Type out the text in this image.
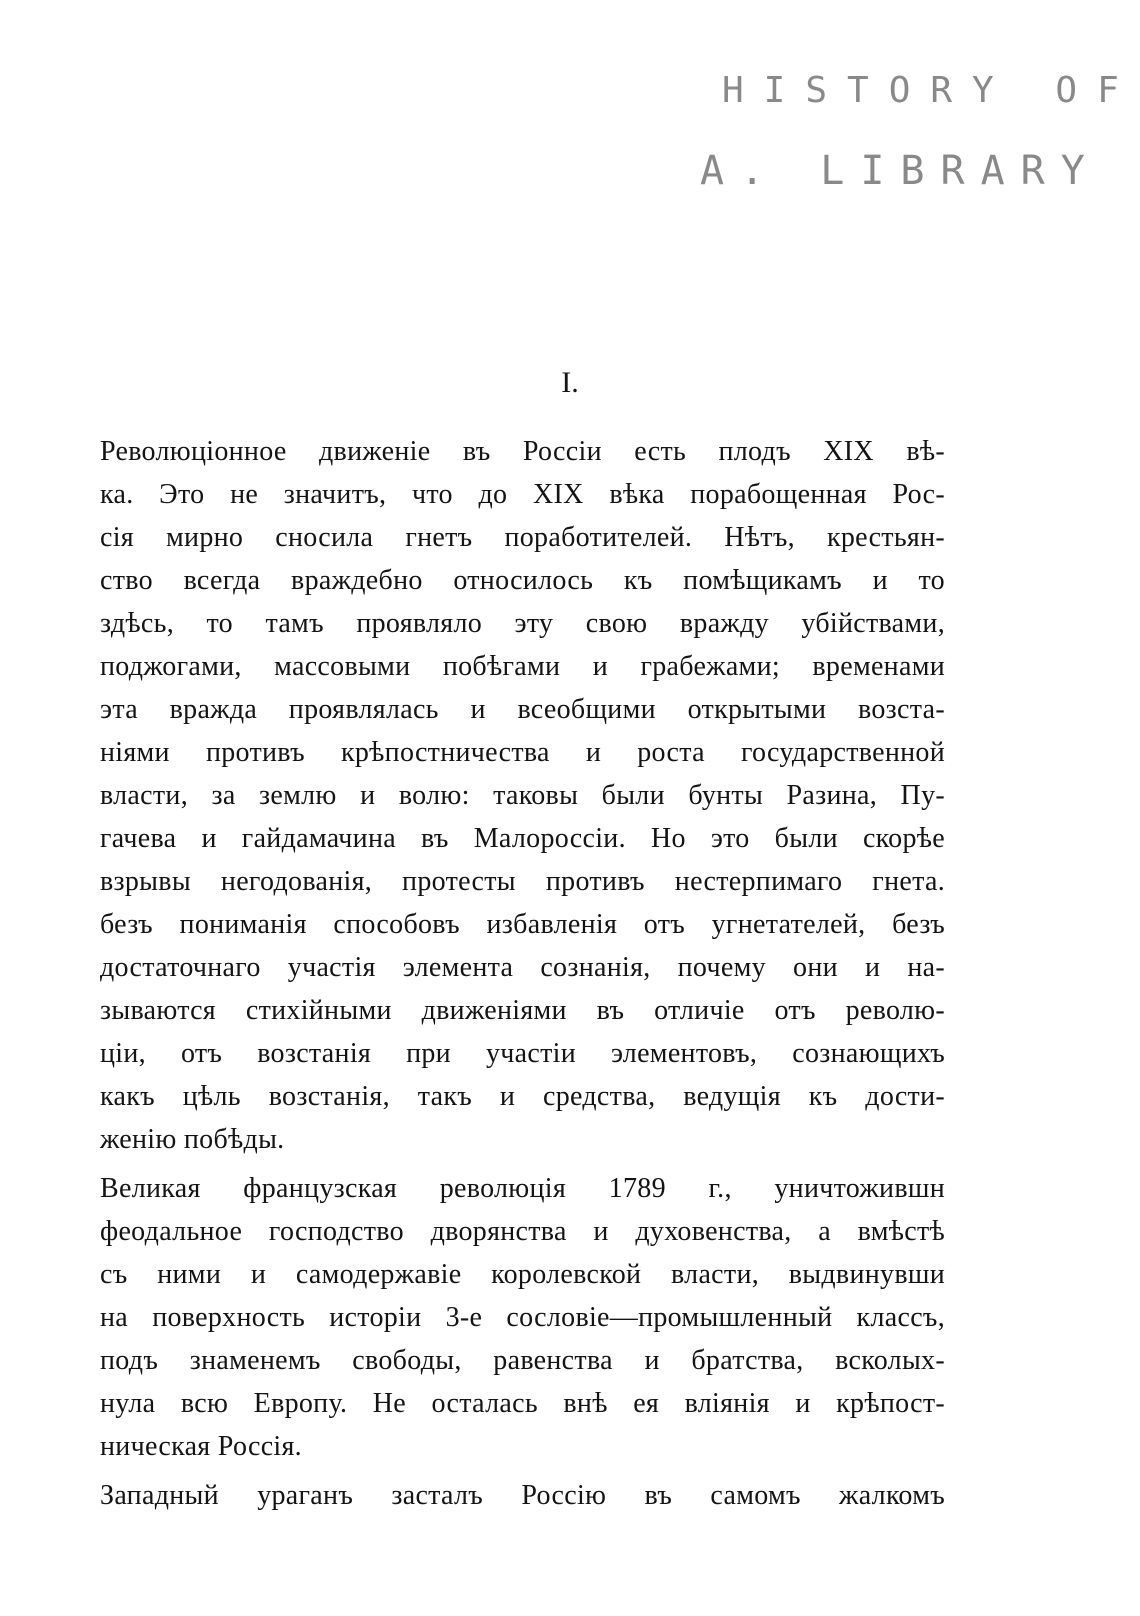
HISTORY OF
A. LIBRARY
I.
Революціонное движеніе въ Россіи есть плодъ XIX вѣ-
ка. Это не значитъ, что до XIX вѣка порабощенная Рос-
сія мирно сносила гнетъ поработителей. Нѣтъ, крестьян-
ство всегда враждебно относилось къ помѣщикамъ и то
здѣсь, то тамъ проявляло эту свою вражду убійствами,
поджогами, массовыми побѣгами и грабежами; временами
эта вражда проявлялась и всеобщими открытыми возста-
ніями противъ крѣпостничества и роста государственной
власти, за землю и волю: таковы были бунты Разина, Пу-
гачева и гайдамачина въ Малороссіи. Но это были скорѣе
взрывы негодованія, протесты противъ нестерпимаго гнета.
безъ пониманія способовъ избавленія отъ угнетателей, безъ
достаточнаго участія элемента сознанія, почему они и на-
зываются стихійными движеніями въ отличіе отъ револю-
ціи, отъ возстанія при участіи элементовъ, сознающихъ
какъ цѣль возстанія, такъ и средства, ведущія къ дости-
женію побѣды.
Великая французская революція 1789 г., уничтожившн
феодальное господство дворянства и духовенства, а вмѣстѣ
съ ними и самодержавіе королевской власти, выдвинувши
на поверхность исторіи 3-е сословіе—промышленный классъ,
подъ знаменемъ свободы, равенства и братства, всколых-
нула всю Европу. Не осталась внѣ ея вліянія и крѣпост-
ническая Россія.
Западный ураганъ засталъ Россію въ самомъ жалкомъ
